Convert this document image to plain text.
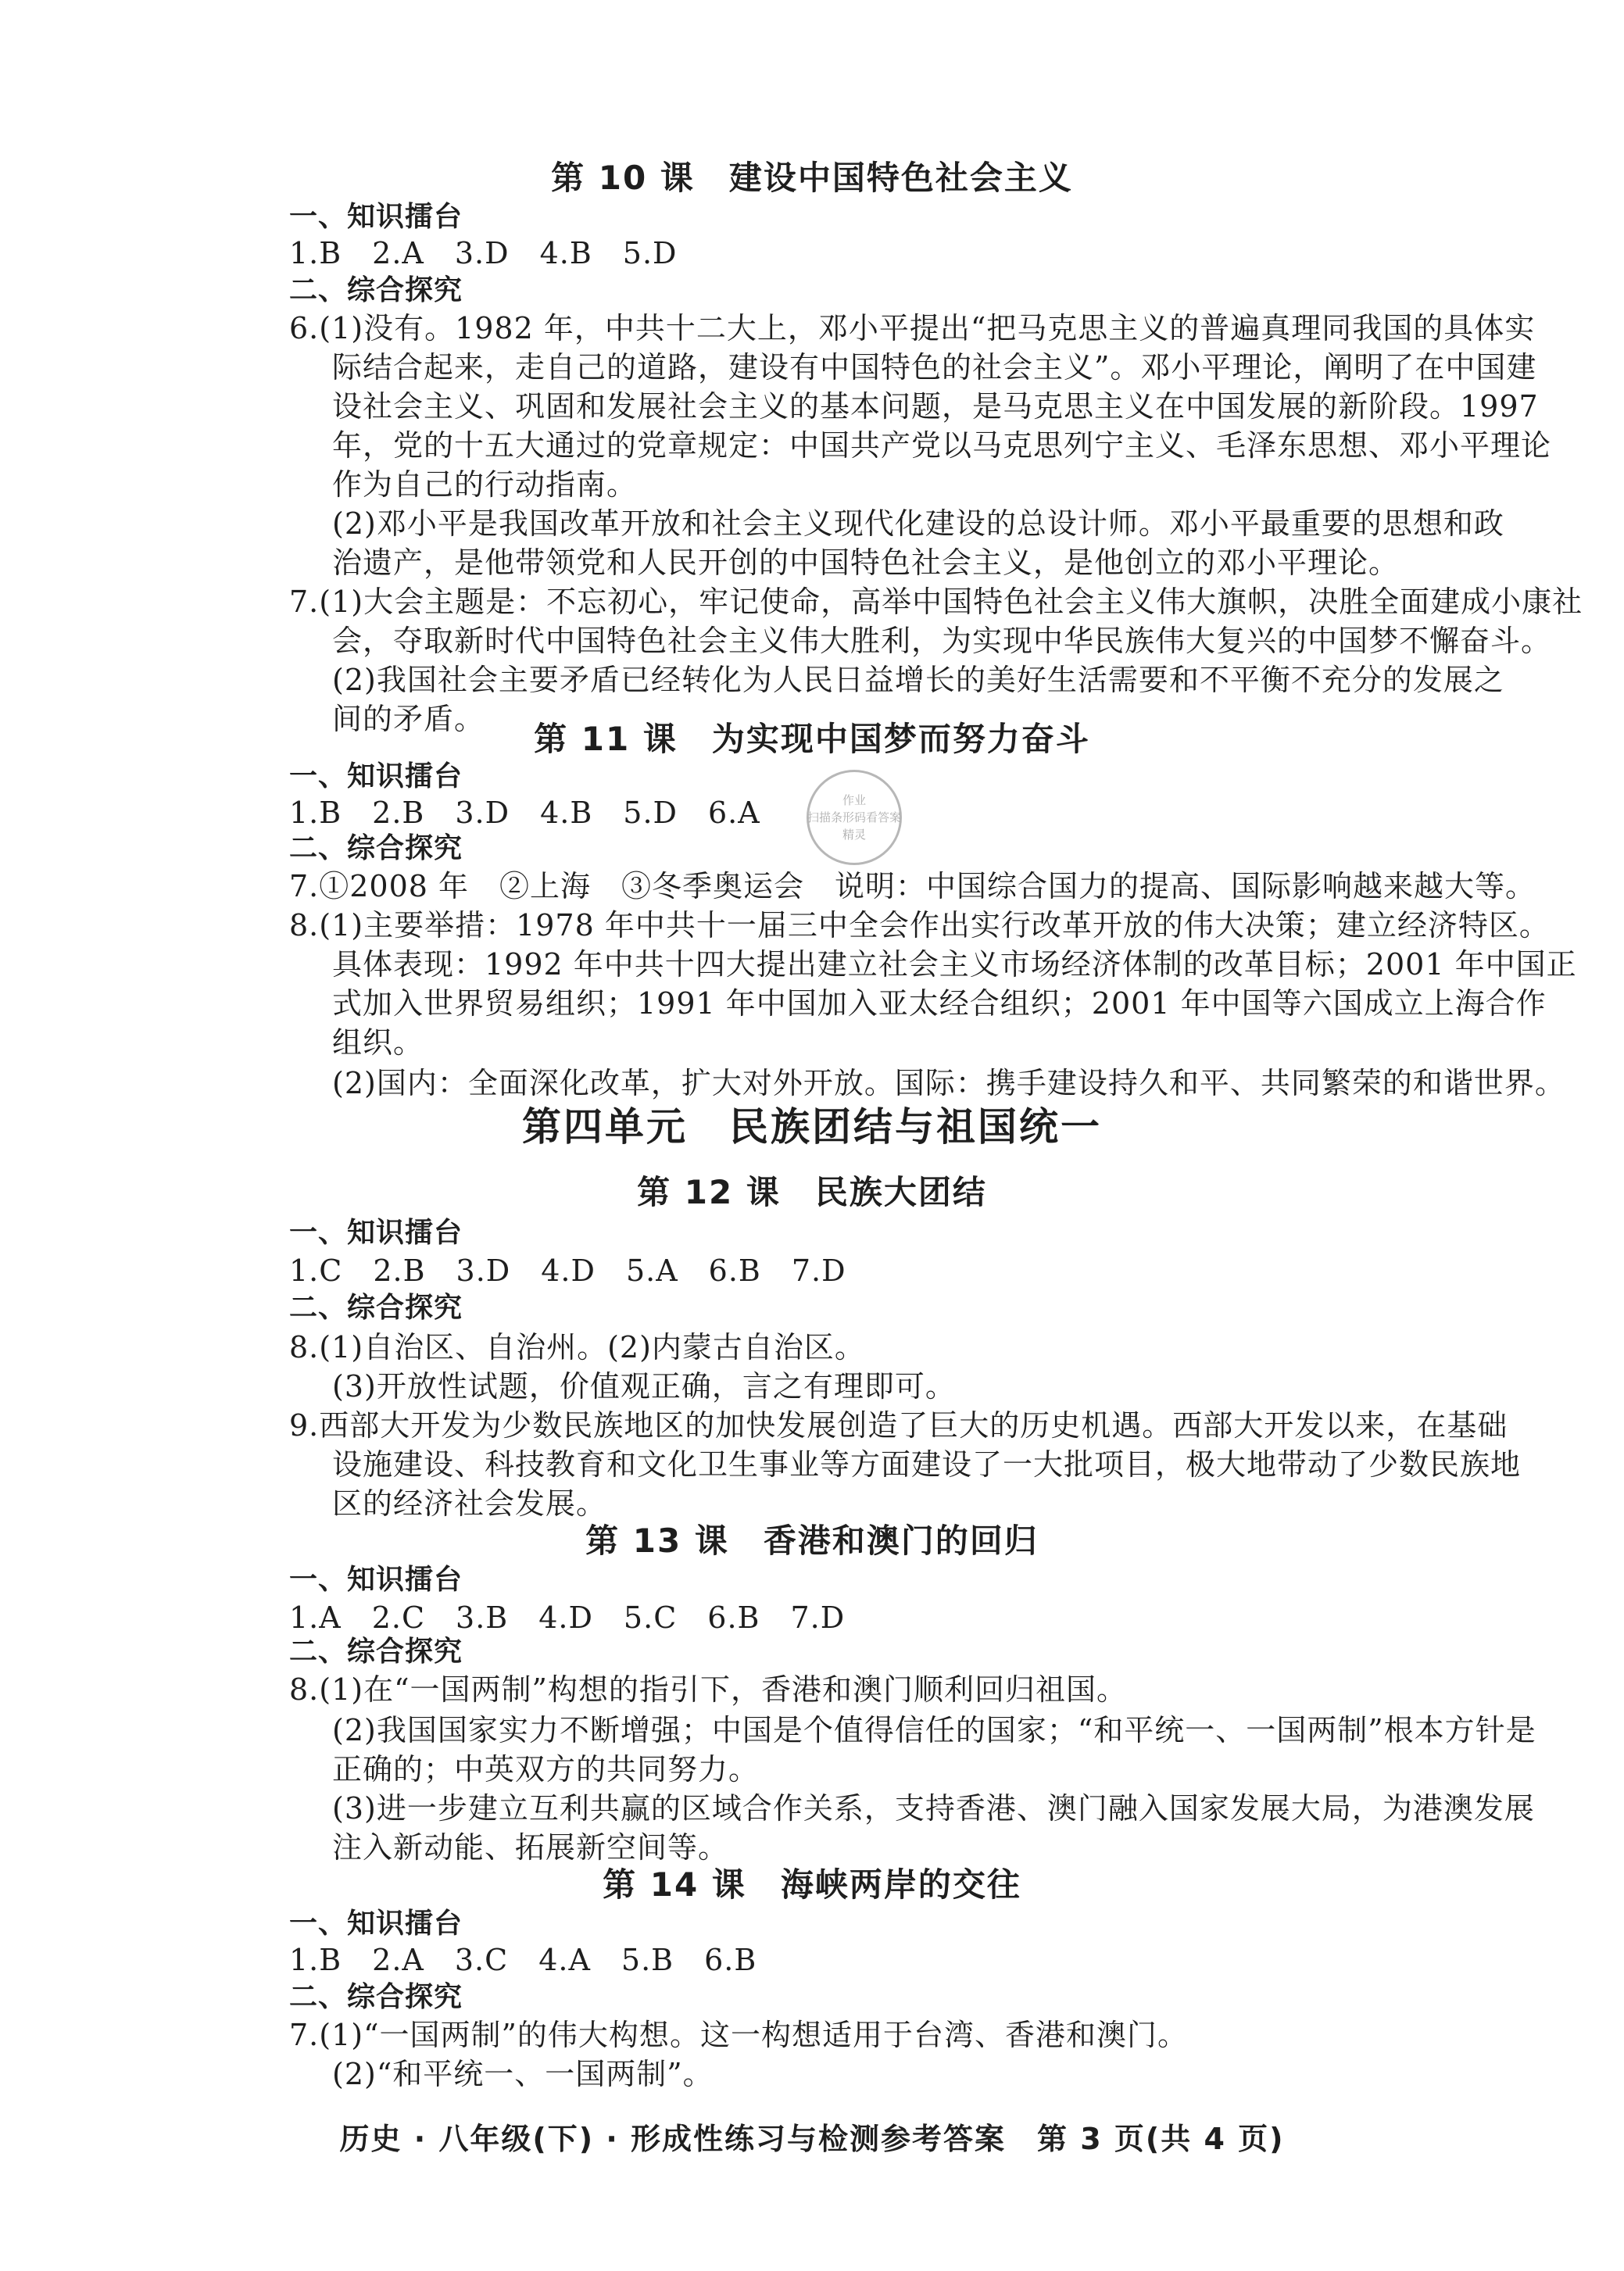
第 10 课　建设中国特色社会主义
一、知识擂台
1.B　2.A　3.D　4.B　5.D
二、综合探究
6.(1)没有。1982 年，中共十二大上，邓小平提出“把马克思主义的普遍真理同我国的具体实
际结合起来，走自己的道路，建设有中国特色的社会主义”。邓小平理论，阐明了在中国建
设社会主义、巩固和发展社会主义的基本问题，是马克思主义在中国发展的新阶段。1997
年，党的十五大通过的党章规定：中国共产党以马克思列宁主义、毛泽东思想、邓小平理论
作为自己的行动指南。
(2)邓小平是我国改革开放和社会主义现代化建设的总设计师。邓小平最重要的思想和政
治遗产，是他带领党和人民开创的中国特色社会主义，是他创立的邓小平理论。
7.(1)大会主题是：不忘初心，牢记使命，高举中国特色社会主义伟大旗帜，决胜全面建成小康社
会，夺取新时代中国特色社会主义伟大胜利，为实现中华民族伟大复兴的中国梦不懈奋斗。
(2)我国社会主要矛盾已经转化为人民日益增长的美好生活需要和不平衡不充分的发展之
间的矛盾。
第 11 课　为实现中国梦而努力奋斗
一、知识擂台
1.B　2.B　3.D　4.B　5.D　6.A	作业
扫描条形码看答案
精灵
二、综合探究
7.①2008 年　②上海　③冬季奥运会　说明：中国综合国力的提高、国际影响越来越大等。
8.(1)主要举措：1978 年中共十一届三中全会作出实行改革开放的伟大决策；建立经济特区。
具体表现：1992 年中共十四大提出建立社会主义市场经济体制的改革目标；2001 年中国正
式加入世界贸易组织；1991 年中国加入亚太经合组织；2001 年中国等六国成立上海合作
组织。
(2)国内：全面深化改革，扩大对外开放。国际：携手建设持久和平、共同繁荣的和谐世界。
第四单元　民族团结与祖国统一
第 12 课　民族大团结
一、知识擂台
1.C　2.B　3.D　4.D　5.A　6.B　7.D
二、综合探究
8.(1)自治区、自治州。(2)内蒙古自治区。
(3)开放性试题，价值观正确，言之有理即可。
9.西部大开发为少数民族地区的加快发展创造了巨大的历史机遇。西部大开发以来，在基础
设施建设、科技教育和文化卫生事业等方面建设了一大批项目，极大地带动了少数民族地
区的经济社会发展。
第 13 课　香港和澳门的回归
一、知识擂台
1.A　2.C　3.B　4.D　5.C　6.B　7.D
二、综合探究
8.(1)在“一国两制”构想的指引下，香港和澳门顺利回归祖国。
(2)我国国家实力不断增强；中国是个值得信任的国家；“和平统一、一国两制”根本方针是
正确的；中英双方的共同努力。
(3)进一步建立互利共赢的区域合作关系，支持香港、澳门融入国家发展大局，为港澳发展
注入新动能、拓展新空间等。
第 14 课　海峡两岸的交往
一、知识擂台
1.B　2.A　3.C　4.A　5.B　6.B
二、综合探究
7.(1)“一国两制”的伟大构想。这一构想适用于台湾、香港和澳门。
(2)“和平统一、一国两制”。
历史 · 八年级(下) · 形成性练习与检测参考答案　第 3 页(共 4 页)
